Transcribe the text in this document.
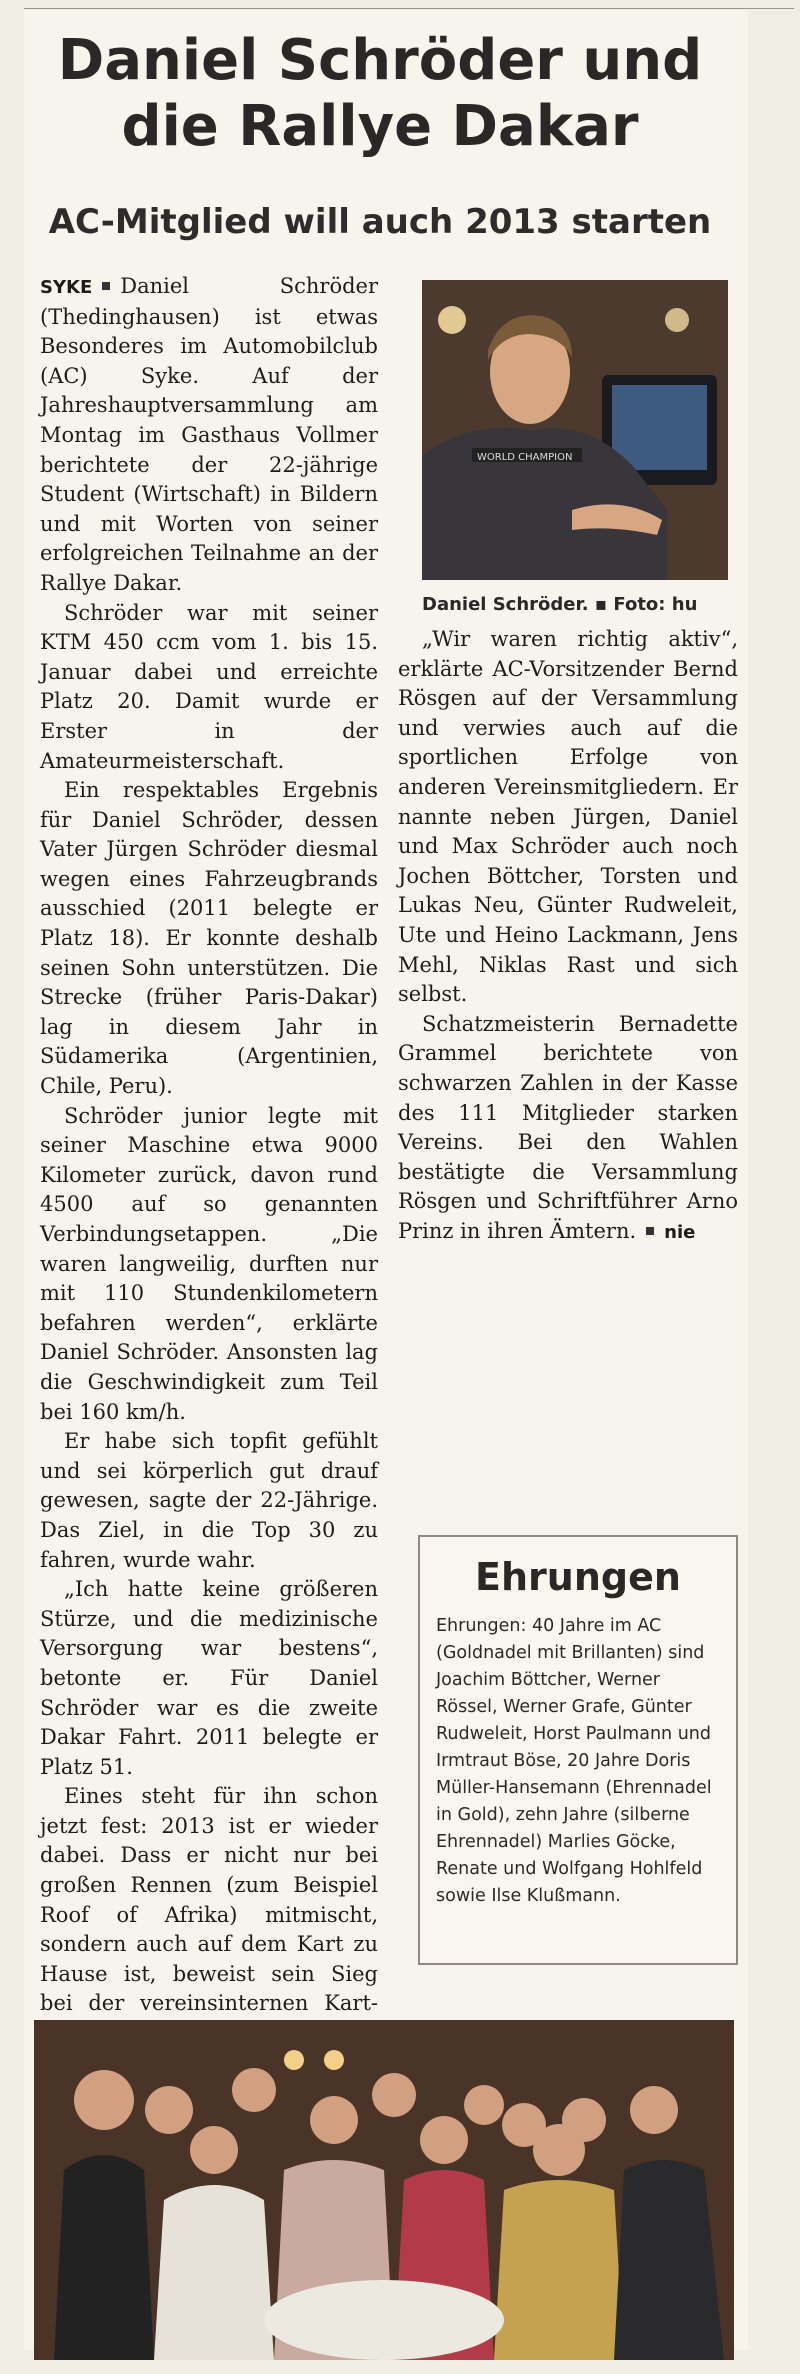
Daniel Schröder und
die Rallye Dakar
AC-Mitglied will auch 2013 starten

SYKE Daniel Schröder (Thedinghausen) ist etwas Besonderes im Automobilclub (AC) Syke. Auf der Jahreshauptversammlung am Montag im Gasthaus Vollmer berichtete der 22-jährige Student (Wirtschaft) in Bildern und mit Worten von seiner erfolgreichen Teilnahme an der Rallye Dakar.

Schröder war mit seiner KTM 450 ccm vom 1. bis 15. Januar dabei und erreichte Platz 20. Damit wurde er Erster in der Amateurmeisterschaft.

Ein respektables Ergebnis für Daniel Schröder, dessen Vater Jürgen Schröder diesmal wegen eines Fahrzeugbrands ausschied (2011 belegte er Platz 18). Er konnte deshalb seinen Sohn unterstützen. Die Strecke (früher Paris-Dakar) lag in diesem Jahr in Südamerika (Argentinien, Chile, Peru).

Schröder junior legte mit seiner Maschine etwa 9000 Kilometer zurück, davon rund 4500 auf so genannten Verbindungsetappen. „Die waren langweilig, durften nur mit 110 Stundenkilometern befahren werden“, erklärte Daniel Schröder. Ansonsten lag die Geschwindigkeit zum Teil bei 160 km/h.

Er habe sich topfit gefühlt und sei körperlich gut drauf gewesen, sagte der 22-Jährige. Das Ziel, in die Top 30 zu fahren, wurde wahr.

„Ich hatte keine größeren Stürze, und die medizinische Versorgung war bestens“, betonte er. Für Daniel Schröder war es die zweite Dakar Fahrt. 2011 belegte er Platz 51.

Eines steht für ihn schon jetzt fest: 2013 ist er wieder dabei. Dass er nicht nur bei großen Rennen (zum Beispiel Roof of Afrika) mitmischt, sondern auch auf dem Kart zu Hause ist, beweist sein Sieg bei der vereinsinternen Kart-

WORLD CHAMPION
Daniel Schröder. ▪ Foto: hu

„Wir waren richtig aktiv“, erklärte AC-Vorsitzender Bernd Rösgen auf der Versammlung und verwies auch auf die sportlichen Erfolge von anderen Vereinsmitgliedern. Er nannte neben Jürgen, Daniel und Max Schröder auch noch Jochen Böttcher, Torsten und Lukas Neu, Günter Rudweleit, Ute und Heino Lackmann, Jens Mehl, Niklas Rast und sich selbst.

Schatzmeisterin Bernadette Grammel berichtete von schwarzen Zahlen in der Kasse des 111 Mitglieder starken Vereins. Bei den Wahlen bestätigte die Versammlung Rösgen und Schriftführer Arno Prinz in ihren Ämtern. nie

Ehrungen

Ehrungen: 40 Jahre im AC (Goldnadel mit Brillanten) sind Joachim Böttcher, Werner Rössel, Werner Grafe, Günter Rudweleit, Horst Paulmann und Irmtraut Böse, 20 Jahre Doris Müller-Hansemann (Ehrennadel in Gold), zehn Jahre (silberne Ehrennadel) Marlies Göcke, Renate und Wolfgang Hohlfeld sowie Ilse Klußmann.
